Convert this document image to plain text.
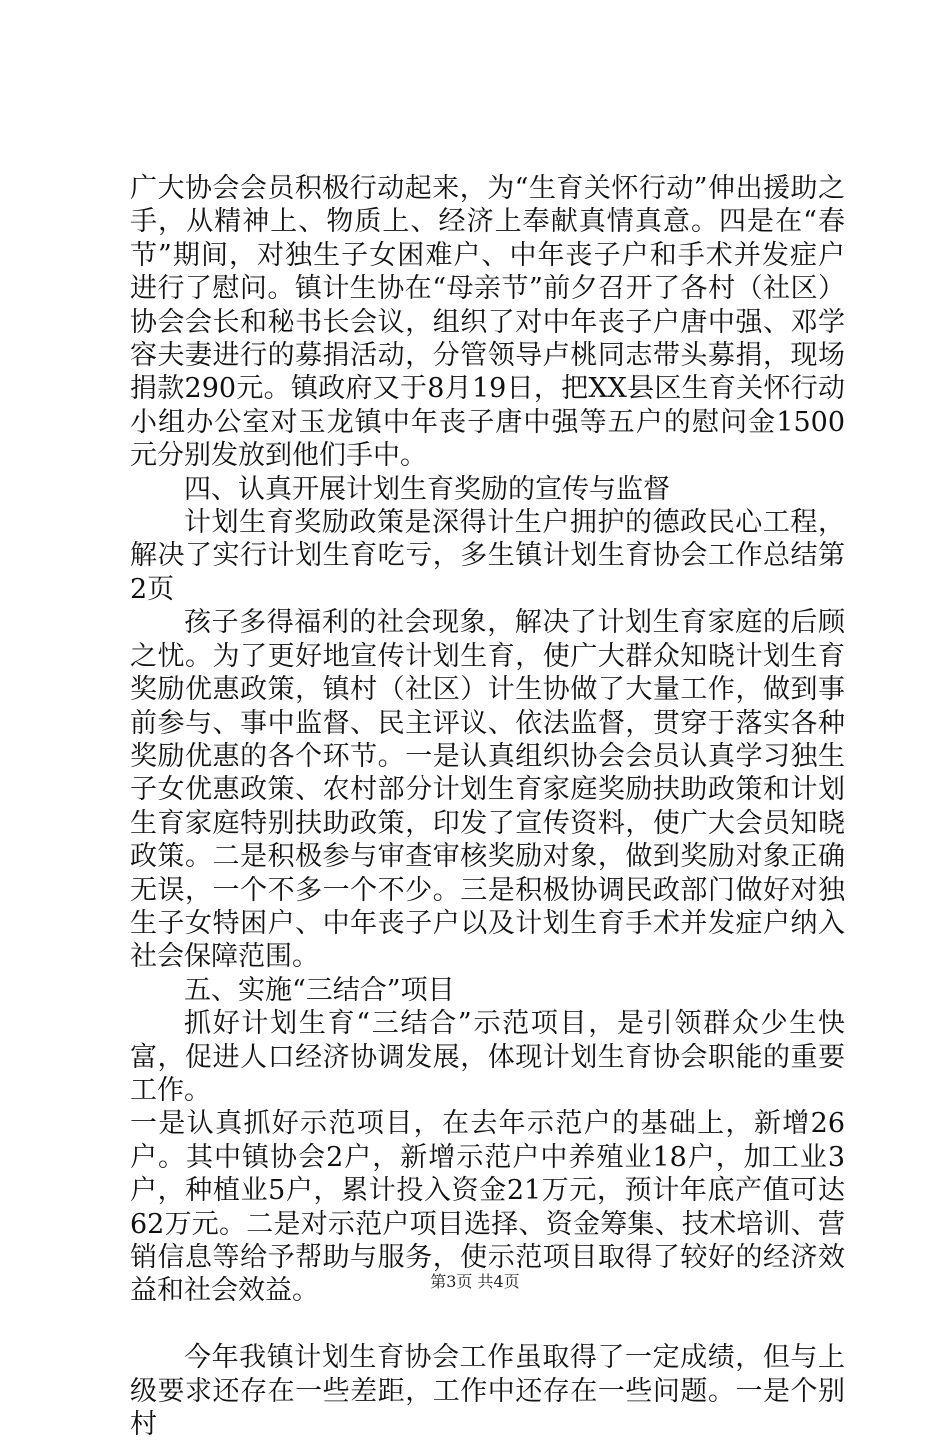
广大协会会员积极行动起来，为“生育关怀行动”伸出援助之手，从精神上、物质上、经济上奉献真情真意。四是在“春节”期间，对独生子女困难户、中年丧子户和手术并发症户进行了慰问。镇计生协在“母亲节”前夕召开了各村（社区）协会会长和秘书长会议，组织了对中年丧子户唐中强、邓学容夫妻进行的募捐活动，分管领导卢桃同志带头募捐，现场捐款290元。镇政府又于8月19日，把XX县区生育关怀行动小组办公室对玉龙镇中年丧子唐中强等五户的慰问金1500元分别发放到他们手中。

四、认真开展计划生育奖励的宣传与监督

计划生育奖励政策是深得计生户拥护的德政民心工程，解决了实行计划生育吃亏，多生镇计划生育协会工作总结第2页

孩子多得福利的社会现象，解决了计划生育家庭的后顾之忧。为了更好地宣传计划生育，使广大群众知晓计划生育奖励优惠政策，镇村（社区）计生协做了大量工作，做到事前参与、事中监督、民主评议、依法监督，贯穿于落实各种奖励优惠的各个环节。一是认真组织协会会员认真学习独生子女优惠政策、农村部分计划生育家庭奖励扶助政策和计划生育家庭特别扶助政策，印发了宣传资料，使广大会员知晓政策。二是积极参与审查审核奖励对象，做到奖励对象正确无误，一个不多一个不少。三是积极协调民政部门做好对独生子女特困户、中年丧子户以及计划生育手术并发症户纳入社会保障范围。

五、实施“三结合”项目

抓好计划生育“三结合”示范项目，是引领群众少生快富，促进人口经济协调发展，体现计划生育协会职能的重要工作。

一是认真抓好示范项目，在去年示范户的基础上，新增26户。其中镇协会2户，新增示范户中养殖业18户，加工业3户，种植业5户，累计投入资金21万元，预计年底产值可达62万元。二是对示范户项目选择、资金筹集、技术培训、营销信息等给予帮助与服务，使示范项目取得了较好的经济效益和社会效益。

今年我镇计划生育协会工作虽取得了一定成绩，但与上级要求还存在一些差距，工作中还存在一些问题。一是个别村

第3页 共4页
